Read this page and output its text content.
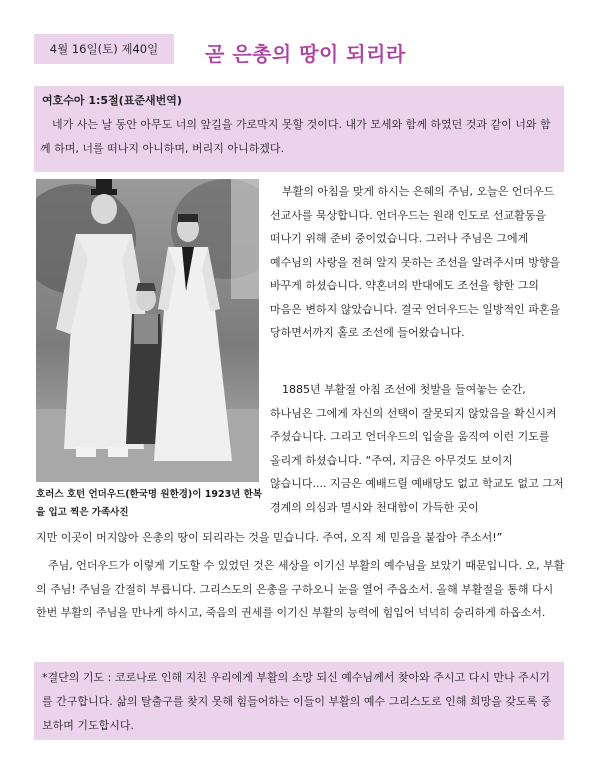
4월 16일(토) 제40일	곧 은총의 땅이 되리라

여호수아 1:5절(표준새번역)

네가 사는 날 동안 아무도 너의 앞길을 가로막지 못할 것이다. 내가 모세와 함께 하였던 것과 같이 너와 함께 하며, 너를 떠나지 아니하며, 버리지 아니하겠다.

호러스 호턴 언더우드(한국명 원한경)이 1923년 한복을 입고 찍은 가족사진

부활의 아침을 맞게 하시는 은혜의 주님, 오늘은 언더우드 선교사를 묵상합니다. 언더우드는 원래 인도로 선교활동을 떠나기 위해 준비 중이었습니다. 그러나 주님은 그에게 예수님의 사랑을 전혀 알지 못하는 조선을 알려주시며 방향을 바꾸게 하셨습니다. 약혼녀의 반대에도 조선을 향한 그의 마음은 변하지 않았습니다. 결국 언더우드는 일방적인 파혼을 당하면서까지 홀로 조선에 들어왔습니다.

1885년 부활절 아침 조선에 첫발을 들여놓는 순간, 하나님은 그에게 자신의 선택이 잘못되지 않았음을 확신시켜 주셨습니다. 그리고 언더우드의 입술을 움직여 이런 기도를 올리게 하셨습니다. “주여, 지금은 아무것도 보이지 않습니다.... 지금은 예배드릴 예배당도 없고 학교도 없고 그저 경계의 의심과 멸시와 천대함이 가득한 곳이

지만 이곳이 머지않아 은총의 땅이 되리라는 것을 믿습니다. 주여, 오직 제 믿음을 붙잡아 주소서!”

주님, 언더우드가 이렇게 기도할 수 있었던 것은 세상을 이기신 부활의 예수님을 보았기 때문입니다. 오, 부활의 주님! 주님을 간절히 부릅니다. 그리스도의 은총을 구하오니 눈을 열어 주옵소서. 올해 부활절을 통해 다시 한번 부활의 주님을 만나게 하시고, 죽음의 권세를 이기신 부활의 능력에 힘입어 넉넉히 승리하게 하옵소서.

*결단의 기도 : 코로나로 인해 지친 우리에게 부활의 소망 되신 예수님께서 찾아와 주시고 다시 만나 주시기를 간구합니다. 삶의 탈출구를 찾지 못해 힘들어하는 이들이 부활의 예수 그리스도로 인해 희망을 갖도록 중보하며 기도합시다.
